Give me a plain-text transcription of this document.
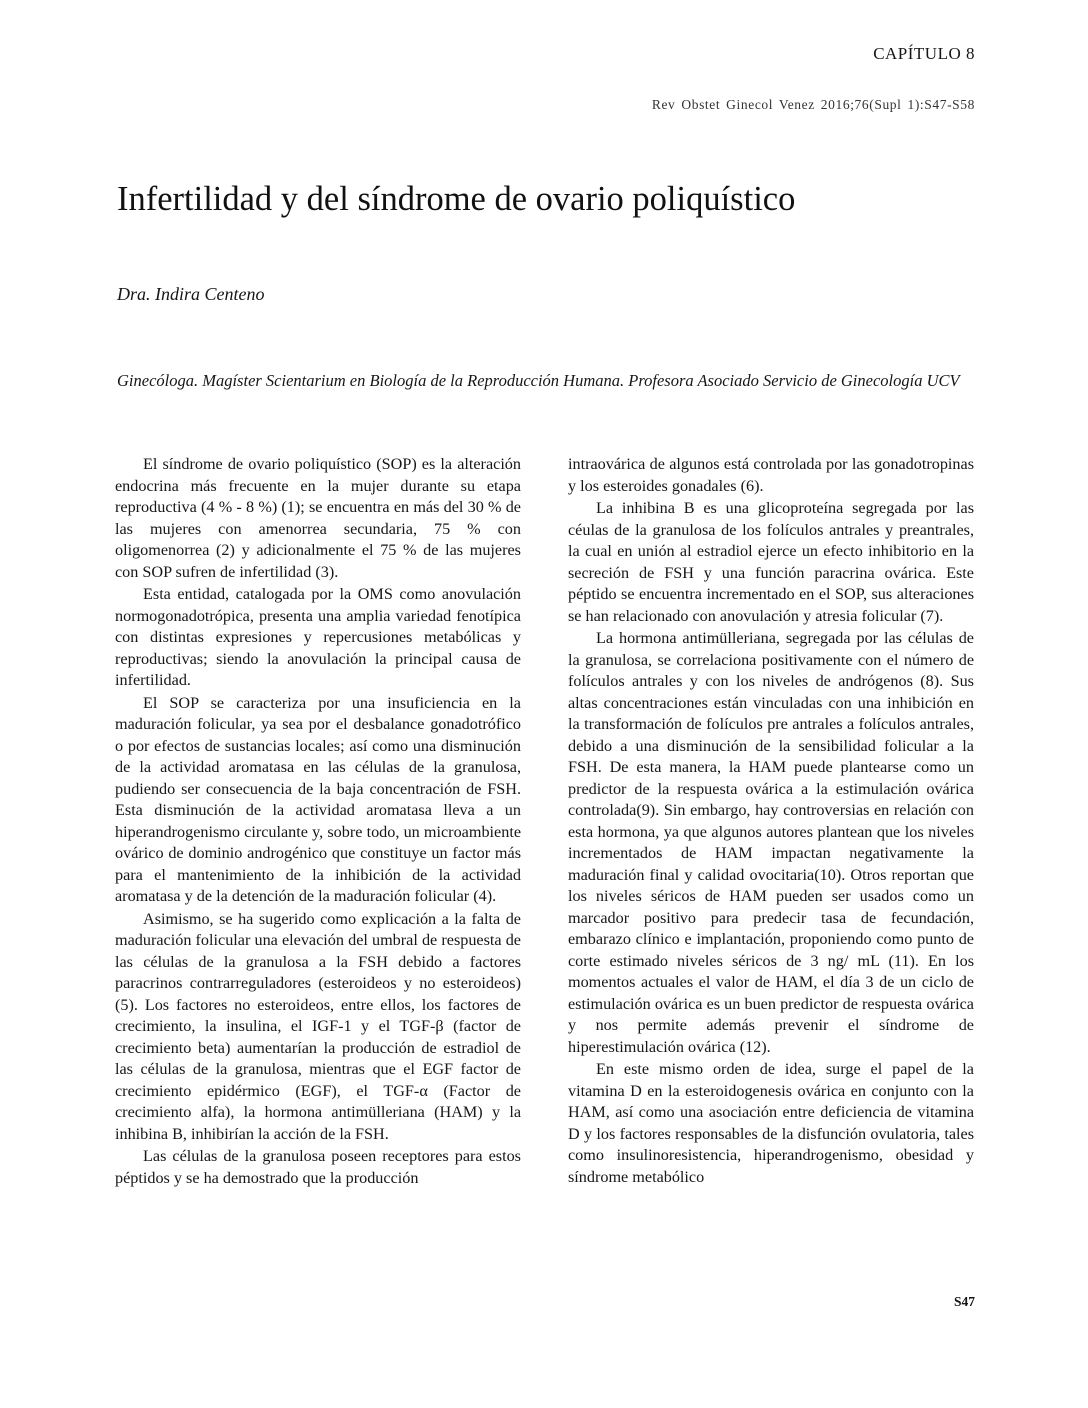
CAPÍTULO 8
Rev Obstet Ginecol Venez 2016;76(Supl 1):S47-S58
Infertilidad y del síndrome de ovario poliquístico

Dra. Indira Centeno

Ginecóloga. Magíster Scientarium en Biología de la Reproducción Humana. Profesora Asociado Servicio de Ginecología UCV

El síndrome de ovario poliquístico (SOP) es la alteración endocrina más frecuente en la mujer durante su etapa reproductiva (4 % - 8 %) (1); se encuentra en más del 30 % de las mujeres con amenorrea secundaria, 75 % con oligomenorrea (2) y adicionalmente el 75 % de las mujeres con SOP sufren de infertilidad (3).

Esta entidad, catalogada por la OMS como anovulación normogonadotrópica, presenta una amplia variedad fenotípica con distintas expresiones y repercusiones metabólicas y reproductivas; siendo la anovulación la principal causa de infertilidad.

El SOP se caracteriza por una insuficiencia en la maduración folicular, ya sea por el desbalance gonadotrófico o por efectos de sustancias locales; así como una disminución de la actividad aromatasa en las células de la granulosa, pudiendo ser consecuencia de la baja concentración de FSH. Esta disminución de la actividad aromatasa lleva a un hiperandrogenismo circulante y, sobre todo, un microambiente ovárico de dominio androgénico que constituye un factor más para el mantenimiento de la inhibición de la actividad aromatasa y de la detención de la maduración folicular (4).

Asimismo, se ha sugerido como explicación a la falta de maduración folicular una elevación del umbral de respuesta de las células de la granulosa a la FSH debido a factores paracrinos contrarreguladores (esteroideos y no esteroideos) (5). Los factores no esteroideos, entre ellos, los factores de crecimiento, la insulina, el IGF-1 y el TGF-β (factor de crecimiento beta) aumentarían la producción de estradiol de las células de la granulosa, mientras que el EGF factor de crecimiento epidérmico (EGF), el TGF-α (Factor de crecimiento alfa), la hormona antimülleriana (HAM) y la inhibina B, inhibirían la acción de la FSH.

Las células de la granulosa poseen receptores para estos péptidos y se ha demostrado que la producción

intraovárica de algunos está controlada por las gonadotropinas y los esteroides gonadales (6).

La inhibina B es una glicoproteína segregada por las céulas de la granulosa de los folículos antrales y preantrales, la cual en unión al estradiol ejerce un efecto inhibitorio en la secreción de FSH y una función paracrina ovárica. Este péptido se encuentra incrementado en el SOP, sus alteraciones se han relacionado con anovulación y atresia folicular (7).

La hormona antimülleriana, segregada por las células de la granulosa, se correlaciona positivamente con el número de folículos antrales y con los niveles de andrógenos (8). Sus altas concentraciones están vinculadas con una inhibición en la transformación de folículos pre antrales a folículos antrales, debido a una disminución de la sensibilidad folicular a la FSH. De esta manera, la HAM puede plantearse como un predictor de la respuesta ovárica a la estimulación ovárica controlada(9). Sin embargo, hay controversias en relación con esta hormona, ya que algunos autores plantean que los niveles incrementados de HAM impactan negativamente la maduración final y calidad ovocitaria(10). Otros reportan que los niveles séricos de HAM pueden ser usados como un marcador positivo para predecir tasa de fecundación, embarazo clínico e implantación, proponiendo como punto de corte estimado niveles séricos de 3 ng/ mL (11). En los momentos actuales el valor de HAM, el día 3 de un ciclo de estimulación ovárica es un buen predictor de respuesta ovárica y nos permite además prevenir el síndrome de hiperestimulación ovárica (12).

En este mismo orden de idea, surge el papel de la vitamina D en la esteroidogenesis ovárica en conjunto con la HAM, así como una asociación entre deficiencia de vitamina D y los factores responsables de la disfunción ovulatoria, tales como insulinoresistencia, hiperandrogenismo, obesidad y síndrome metabólico

S47
